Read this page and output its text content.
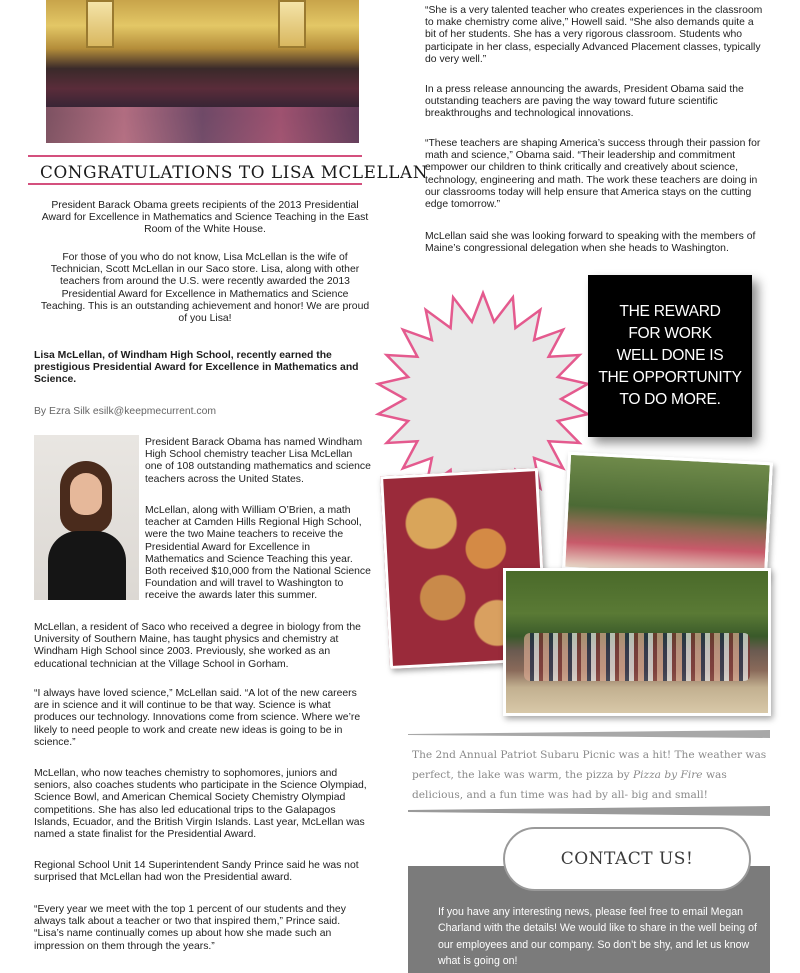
CONGRATULATIONS TO LISA MCLELLAN

President Barack Obama greets recipients of the 2013 Presidential Award for Excellence in Mathematics and Science Teaching in the East Room of the White House.

For those of you who do not know, Lisa McLellan is the wife of Technician, Scott McLellan in our Saco store. Lisa, along with other teachers from around the U.S. were recently awarded the 2013 Presidential Award for Excellence in Mathematics and Science Teaching. This is an outstanding achievement and honor! We are proud of you Lisa!

Lisa McLellan, of Windham High School, recently earned the prestigious Presidential Award for Excellence in Mathematics and Science.

By Ezra Silk esilk@keepmecurrent.com

President Barack Obama has named Windham High School chemistry teacher Lisa McLellan one of 108 outstanding mathematics and science teachers across the United States.

McLellan, along with William O’Brien, a math teacher at Camden Hills Regional High School, were the two Maine teachers to receive the Presidential Award for Excellence in Mathematics and Science Teaching this year. Both received $10,000 from the National Science Foundation and will travel to Washington to receive the awards later this summer.

McLellan, a resident of Saco who received a degree in biology from the University of Southern Maine, has taught physics and chemistry at Windham High School since 2003. Previously, she worked as an educational technician at the Village School in Gorham.

“I always have loved science,” McLellan said. “A lot of the new careers are in science and it will continue to be that way. Science is what produces our technology. Innovations come from science. Where we’re likely to need people to work and create new ideas is going to be in science.”

McLellan, who now teaches chemistry to sophomores, juniors and seniors, also coaches students who participate in the Science Olympiad, Science Bowl, and American Chemical Society Chemistry Olympiad competitions. She has also led educational trips to the Galapagos Islands, Ecuador, and the British Virgin Islands. Last year, McLellan was named a state finalist for the Presidential Award.

Regional School Unit 14 Superintendent Sandy Prince said he was not surprised that McLellan had won the Presidential award.

“Every year we meet with the top 1 percent of our students and they always talk about a teacher or two that inspired them,” Prince said. “Lisa’s name continually comes up about how she made such an impression on them through the years.”

“She is a very talented teacher who creates experiences in the classroom to make chemistry come alive,” Howell said. “She also demands quite a bit of her students. She has a very rigorous classroom. Students who participate in her class, especially Advanced Placement classes, typically do very well.”

In a press release announcing the awards, President Obama said the outstanding teachers are paving the way toward future scientific breakthroughs and technological innovations.

“These teachers are shaping America’s success through their passion for math and science,” Obama said. “Their leadership and commitment empower our children to think critically and creatively about science, technology, engineering and math. The work these teachers are doing in our classrooms today will help ensure that America stays on the cutting edge tomorrow.”

McLellan said she was looking forward to speaking with the members of Maine’s congressional delegation when she heads to Washington.

THE REWARD
FOR WORK
WELL DONE IS
THE OPPORTUNITY
TO DO MORE.

The 2nd Annual Patriot Subaru Picnic was a hit! The weather was perfect, the lake was warm, the pizza by Pizza by Fire was delicious, and a fun time was had by all- big and small!

CONTACT US!

If you have any interesting news, please feel free to email Megan Charland with the details! We would like to share in the well being of our employees and our company. So don’t be shy, and let us know what is going on!
